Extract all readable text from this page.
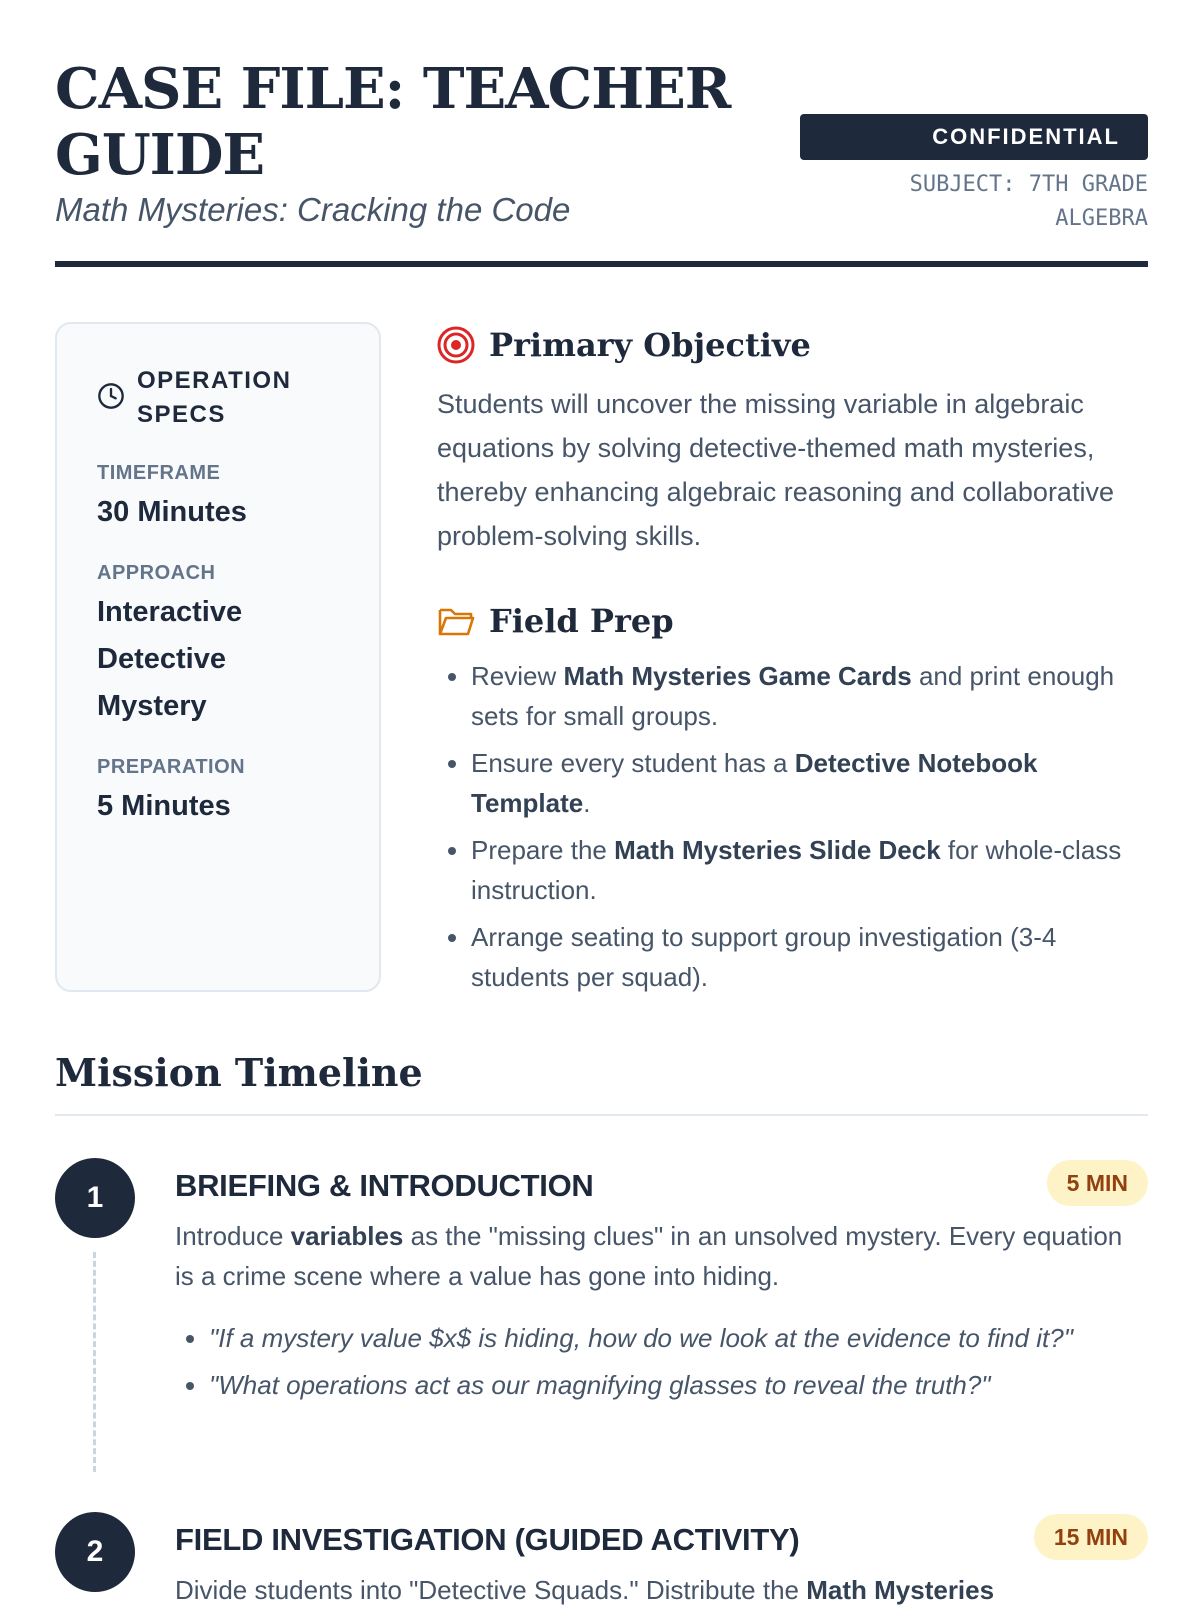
CASE FILE: TEACHER GUIDE

Math Mysteries: Cracking the Code

CONFIDENTIAL
SUBJECT: 7TH GRADE ALGEBRA
OPERATION SPECS
TIMEFRAME
30 Minutes
APPROACH
Interactive Detective Mystery
PREPARATION
5 Minutes
Primary Objective

Students will uncover the missing variable in algebraic equations by solving detective-themed math mysteries, thereby enhancing algebraic reasoning and collaborative problem-solving skills.

Field Prep
• Review Math Mysteries Game Cards and print enough sets for small groups.
• Ensure every student has a Detective Notebook Template.
• Prepare the Math Mysteries Slide Deck for whole-class instruction.
• Arrange seating to support group investigation (3-4 students per squad).
Mission Timeline
1	BRIEFING & INTRODUCTION	5 MIN

Introduce variables as the "missing clues" in an unsolved mystery. Every equation is a crime scene where a value has gone into hiding.

• "If a mystery value $x$ is hiding, how do we look at the evidence to find it?"
• "What operations act as our magnifying glasses to reveal the truth?"
2	FIELD INVESTIGATION (GUIDED ACTIVITY)	15 MIN

Divide students into "Detective Squads." Distribute the Math Mysteries
